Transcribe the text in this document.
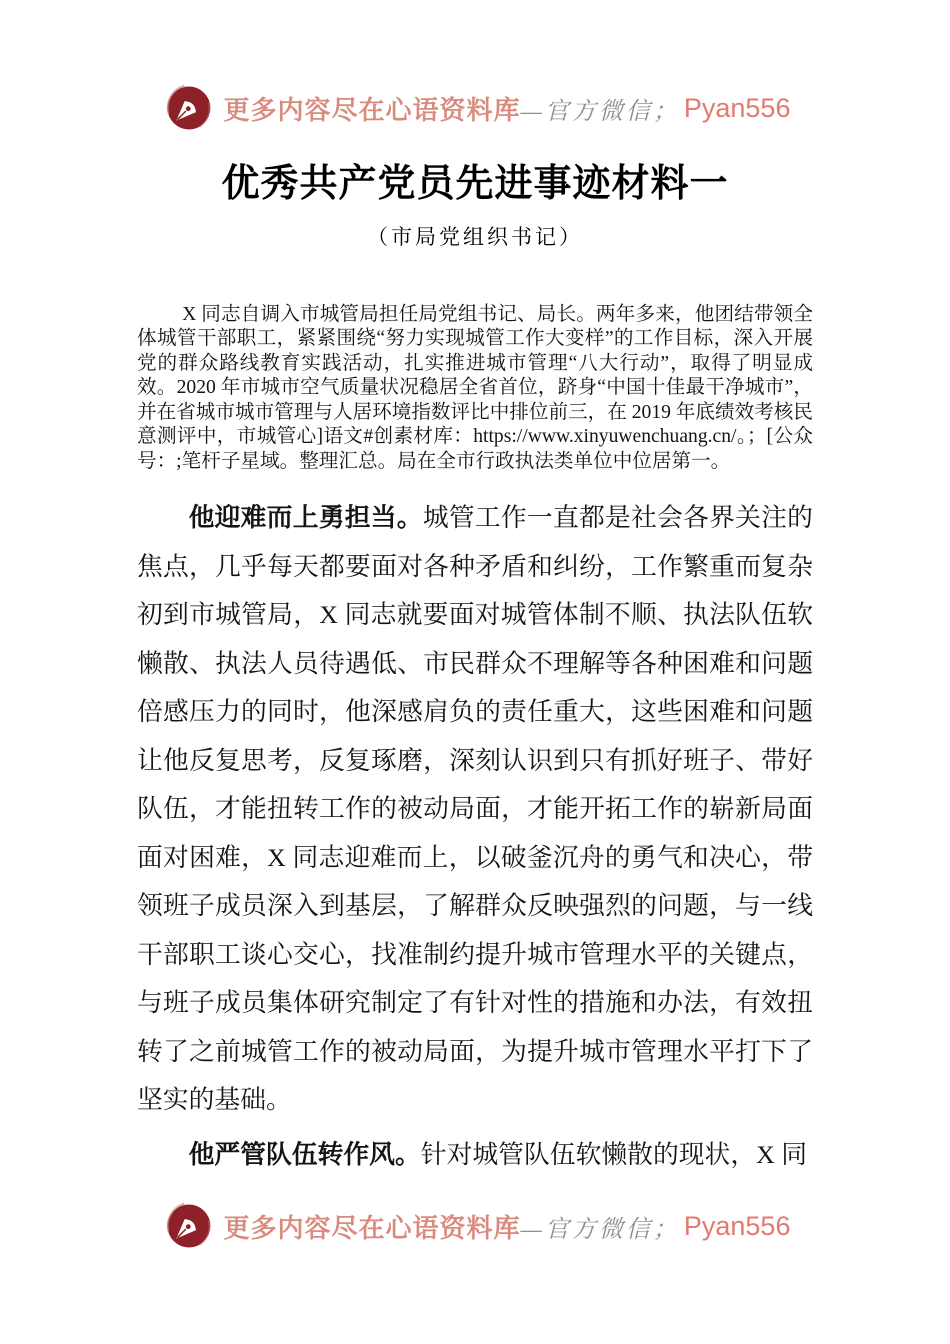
更多内容尽在心语资料库 —官方微信； Pyan556
优秀共产党员先进事迹材料一
（市局党组织书记）

X 同志自调入市城管局担任局党组书记、局长。两年多来，他团结带领全体城管干部职工，紧紧围绕“努力实现城管工作大变样”的工作目标，深入开展党的群众路线教育实践活动，扎实推进城市管理“八大行动”，取得了明显成效。2020 年市城市空气质量状况稳居全省首位，跻身“中国十佳最干净城市”，并在省城市城市管理与人居环境指数评比中排位前三，在 2019 年底绩效考核民意测评中，市城管心]语文#创素材库：https://www.xinyuwenchuang.cn/。；[公众号：;笔杆子星域。整理汇总。局在全市行政执法类单位中位居第一。

他迎难而上勇担当。城管工作一直都是社会各界关注的焦点，几乎每天都要面对各种矛盾和纠纷，工作繁重而复杂初到市城管局，X 同志就要面对城管体制不顺、执法队伍软懒散、执法人员待遇低、市民群众不理解等各种困难和问题倍感压力的同时，他深感肩负的责任重大，这些困难和问题让他反复思考，反复琢磨，深刻认识到只有抓好班子、带好队伍，才能扭转工作的被动局面，才能开拓工作的崭新局面面对困难，X 同志迎难而上，以破釜沉舟的勇气和决心，带领班子成员深入到基层，了解群众反映强烈的问题，与一线干部职工谈心交心，找准制约提升城市管理水平的关键点，与班子成员集体研究制定了有针对性的措施和办法，有效扭转了之前城管工作的被动局面，为提升城市管理水平打下了坚实的基础。

他严管队伍转作风。针对城管队伍软懒散的现状，X 同

更多内容尽在心语资料库 —官方微信； Pyan556
